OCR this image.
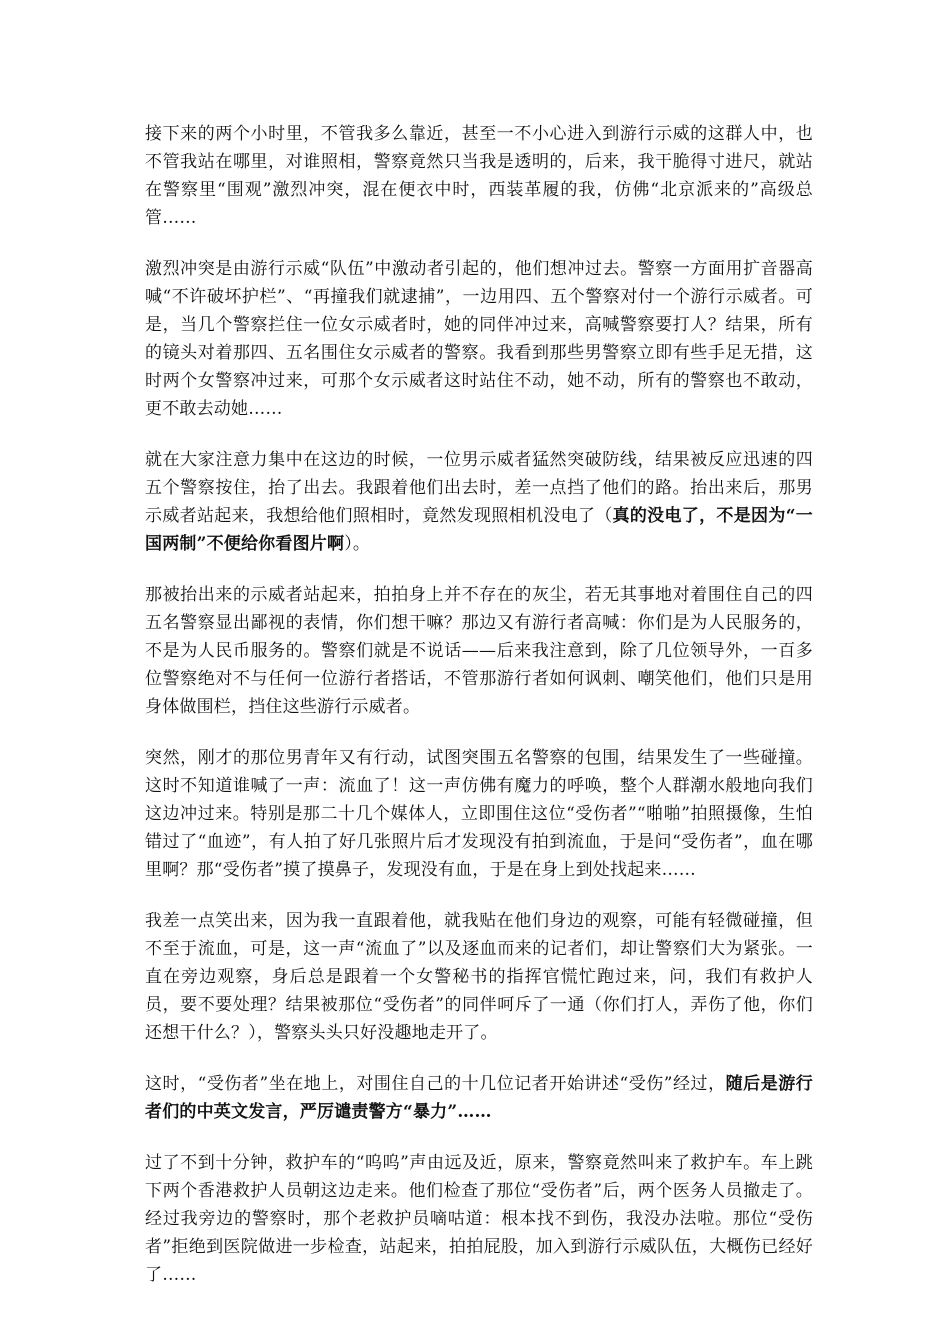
接下来的两个小时里，不管我多么靠近，甚至一不小心进入到游行示威的这群人中，也不管我站在哪里，对谁照相，警察竟然只当我是透明的，后来，我干脆得寸进尺，就站在警察里“围观”激烈冲突，混在便衣中时，西装革履的我，仿佛“北京派来的”高级总管……

激烈冲突是由游行示威“队伍”中激动者引起的，他们想冲过去。警察一方面用扩音器高喊“不许破坏护栏”、“再撞我们就逮捕”，一边用四、五个警察对付一个游行示威者。可是，当几个警察拦住一位女示威者时，她的同伴冲过来，高喊警察要打人？结果，所有的镜头对着那四、五名围住女示威者的警察。我看到那些男警察立即有些手足无措，这时两个女警察冲过来，可那个女示威者这时站住不动，她不动，所有的警察也不敢动，更不敢去动她……

就在大家注意力集中在这边的时候，一位男示威者猛然突破防线，结果被反应迅速的四五个警察按住，抬了出去。我跟着他们出去时，差一点挡了他们的路。抬出来后，那男示威者站起来，我想给他们照相时，竟然发现照相机没电了（真的没电了，不是因为“一国两制”不便给你看图片啊）。

那被抬出来的示威者站起来，拍拍身上并不存在的灰尘，若无其事地对着围住自己的四五名警察显出鄙视的表情，你们想干嘛？那边又有游行者高喊：你们是为人民服务的，不是为人民币服务的。警察们就是不说话——后来我注意到，除了几位领导外，一百多位警察绝对不与任何一位游行者搭话，不管那游行者如何讽刺、嘲笑他们，他们只是用身体做围栏，挡住这些游行示威者。

突然，刚才的那位男青年又有行动，试图突围五名警察的包围，结果发生了一些碰撞。这时不知道谁喊了一声：流血了！这一声仿佛有魔力的呼唤，整个人群潮水般地向我们这边冲过来。特别是那二十几个媒体人，立即围住这位“受伤者”“啪啪”拍照摄像，生怕错过了“血迹”，有人拍了好几张照片后才发现没有拍到流血，于是问“受伤者”，血在哪里啊？那“受伤者”摸了摸鼻子，发现没有血，于是在身上到处找起来……

我差一点笑出来，因为我一直跟着他，就我贴在他们身边的观察，可能有轻微碰撞，但不至于流血，可是，这一声“流血了”以及逐血而来的记者们，却让警察们大为紧张。一直在旁边观察，身后总是跟着一个女警秘书的指挥官慌忙跑过来，问，我们有救护人员，要不要处理？结果被那位“受伤者”的同伴呵斥了一通（你们打人，弄伤了他，你们还想干什么？），警察头头只好没趣地走开了。

这时，“受伤者”坐在地上，对围住自己的十几位记者开始讲述“受伤”经过，随后是游行者们的中英文发言，严厉谴责警方“暴力”……

过了不到十分钟，救护车的“呜呜”声由远及近，原来，警察竟然叫来了救护车。车上跳下两个香港救护人员朝这边走来。他们检查了那位“受伤者”后，两个医务人员撤走了。经过我旁边的警察时，那个老救护员嘀咕道：根本找不到伤，我没办法啦。那位“受伤者”拒绝到医院做进一步检查，站起来，拍拍屁股，加入到游行示威队伍，大概伤已经好了……
